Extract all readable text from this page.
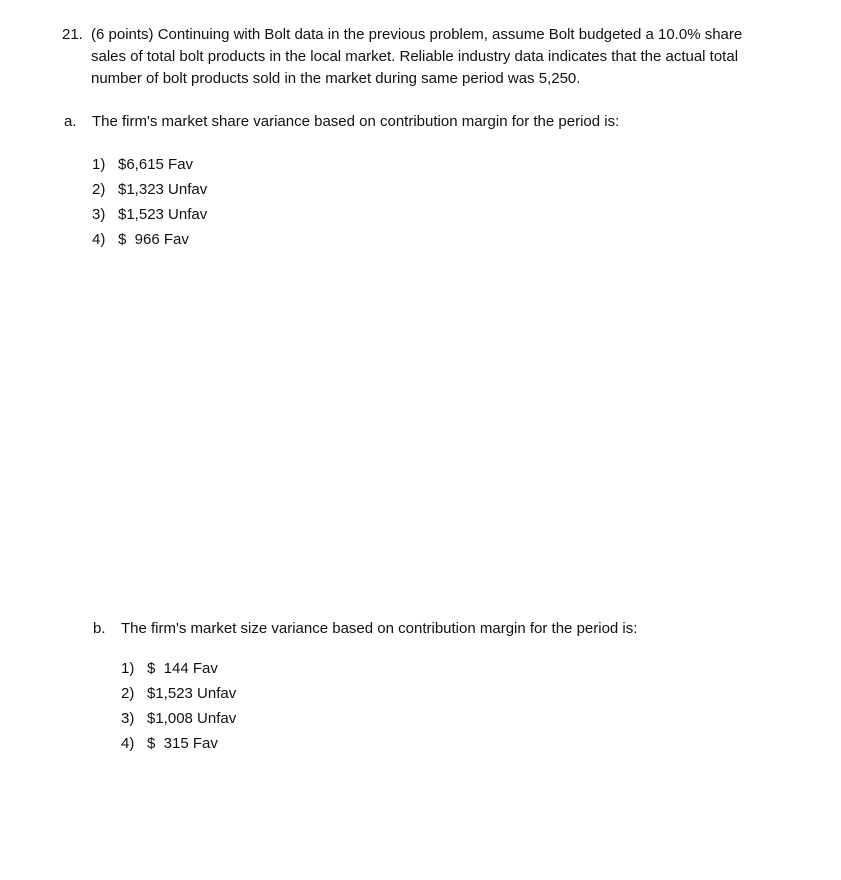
21. (6 points) Continuing with Bolt data in the previous problem, assume Bolt budgeted a 10.0% share
sales of total bolt products in the local market. Reliable industry data indicates that the actual total
number of bolt products sold in the market during same period was 5,250.
a. The firm's market share variance based on contribution margin for the period is:
1) $6,615 Fav
2) $1,323 Unfav
3) $1,523 Unfav
4) $  966 Fav
b. The firm's market size variance based on contribution margin for the period is:
1) $  144 Fav
2) $1,523 Unfav
3) $1,008 Unfav
4) $  315 Fav
